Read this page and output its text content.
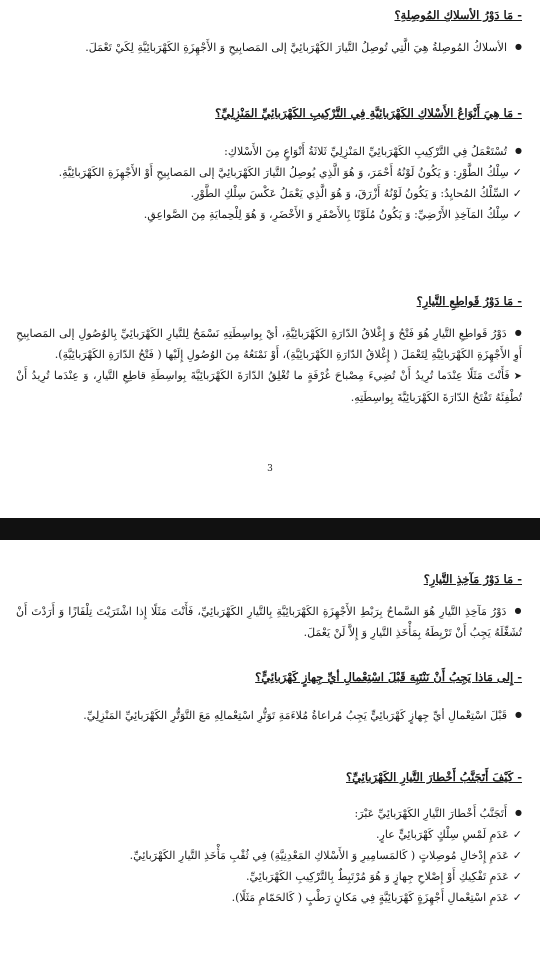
- مَا دَوْرُ الأسلاكِ المُوصِلةِ؟
● الأسلاكُ المُوصِلةُ هِيَ الَّتِي تُوصِلُ التَّيارَ الكَهْرَبائِيَّ إلى المَصابِيحِ وَ الأَجْهِزَةِ الكَهْرَبائِيَّةِ لِكَيْ تَعْمَلَ.
- مَا هِيَ أَنْوَاعُ الأَسْلاكِ الكَهْرَبائِيَّةِ فِي التَّرْكِيبِ الكَهْرَبائِيِّ المَنْزِلِيِّ؟
● تُسْتَعْمَلُ فِي التَّرْكِيبِ الكَهْرَبائِيِّ المَنْزِلِيِّ ثَلاثَةُ أَنْوَاعٍ مِنَ الأَسْلاكِ:
✓ سِلْكُ الطَّوْرِ: وَ يَكُونُ لَوْنُهُ أَحْمَرَ، وَ هُوَ الَّذِي يُوصِلُ التَّيارَ الكَهْرَبائِيَّ إلى المَصابِيحِ أَوْ الأَجْهِزَةِ الكَهْرَبائِيَّةِ.
✓ السِّلْكُ المُحايِدُ: وَ يَكُونُ لَوْنُهُ أَزْرَقَ، وَ هُوَ الَّذِي يَعْمَلُ عَكْسَ سِلْكِ الطَّوْرِ.
✓ سِلْكُ المَآخِذِ الأَرْضِيِّ: وَ يَكُونُ مُلَوَّنًا بِالأَصْفَرِ وَ الأَخْضَرِ، وَ هُوَ لِلْحِمايَةِ مِنَ الصَّواعِقِ.
- مَا دَوْرُ قَواطِعِ التَّيارِ؟
● دَوْرُ قَواطِعِ التَّيارِ هُوَ فَتْحُ وَ إِغْلاقُ الدّارَةِ الكَهْرَبائِيَّةِ، أيْ بِواسِطَتِهِ نَسْمَحُ لِلتَّيارِ الكَهْرَبائِيِّ بِالوُصُولِ إلى المَصابِيحِ أَوِ الأَجْهِزَةِ الكَهْرَبائِيَّةِ لِتَعْمَلَ ( إِغْلاقُ الدّارَةِ الكَهْرَبائِيَّةِ)، أَوْ نَمْنَعُهُ مِنَ الوُصُولِ إِلَيْها ( فَتْحُ الدّارَةِ الكَهْرَبائِيَّةِ).
➤ فَأَنْتَ مَثَلًا عِنْدَما تُرِيدُ أَنْ تُضِيءَ مِصْباحَ غُرْفَةٍ ما تُغْلِقُ الدّارَةَ الكَهْرَبائِيَّةَ بِواسِطَةِ قاطِعِ التَّيارِ، وَ عِنْدَما تُرِيدُ أَنْ تُطْفِئَهُ تَفْتَحُ الدّارَةَ الكَهْرَبائِيَّةَ بِواسِطَتِهِ.
3
- مَا دَوْرُ مَآخِذِ التَّيارِ؟
● دَوْرُ مَآخِذِ التَّيارِ هُوَ السَّماحُ بِرَبْطِ الأَجْهِزَةِ الكَهْرَبائِيَّةِ بِالتَّيارِ الكَهْرَبائِيِّ، فَأَنْتَ مَثَلًا إِذا اشْتَرَيْتَ تِلْفَازًا وَ أَرَدْتَ أَنْ تُشَغِّلَهُ يَجِبُ أَنْ تَرْبِطَهُ بِمَأْخَذِ التَّيارِ وَ إِلاَّ لَنْ يَعْمَلَ.
- إِلى مَاذا يَجِبُ أَنْ نَنْتَبِهَ قَبْلَ اسْتِعْمالِ أيِّ جِهازٍ كَهْرَبائِيٍّ؟
● قَبْلَ اسْتِعْمالِ أيِّ جِهازٍ كَهْرَبائِيٍّ يَجِبُ مُراعاةُ مُلاءَمَةِ تَوَتُّرِ اسْتِعْمالِهِ مَعَ التَّوَتُّرِ الكَهْرَبائِيِّ المَنْزِلِيِّ.
- كَيْفَ أَتَجَنَّبُ أَخْطارَ التَّيارِ الكَهْرَبائِيِّ؟
● أَتَجَنَّبُ أَخْطارَ التَّيارِ الكَهْرَبائِيِّ عَبْرَ:
✓ عَدَمِ لَمْسِ سِلْكٍ كَهْرَبائِيٍّ عارٍ.
✓ عَدَمِ إِدْخالِ مُوصِلاتٍ ( كَالمَسامِيرِ وَ الأَسْلاكِ المَعْدِنِيَّةِ) فِي ثُقْبِ مَأْخَذِ التَّيارِ الكَهْرَبائِيِّ.
✓ عَدَمِ تَفْكِيكِ أَوْ إِصْلاحِ جِهازٍ وَ هُوَ مُرْتَبِطٌ بِالتَّرْكِيبِ الكَهْرَبائِيِّ.
✓ عَدَمِ اسْتِعْمالِ أَجْهِزَةٍ كَهْرَبائِيَّةٍ فِي مَكانٍ رَطْبٍ ( كَالحَمّامِ مَثَلًا).
